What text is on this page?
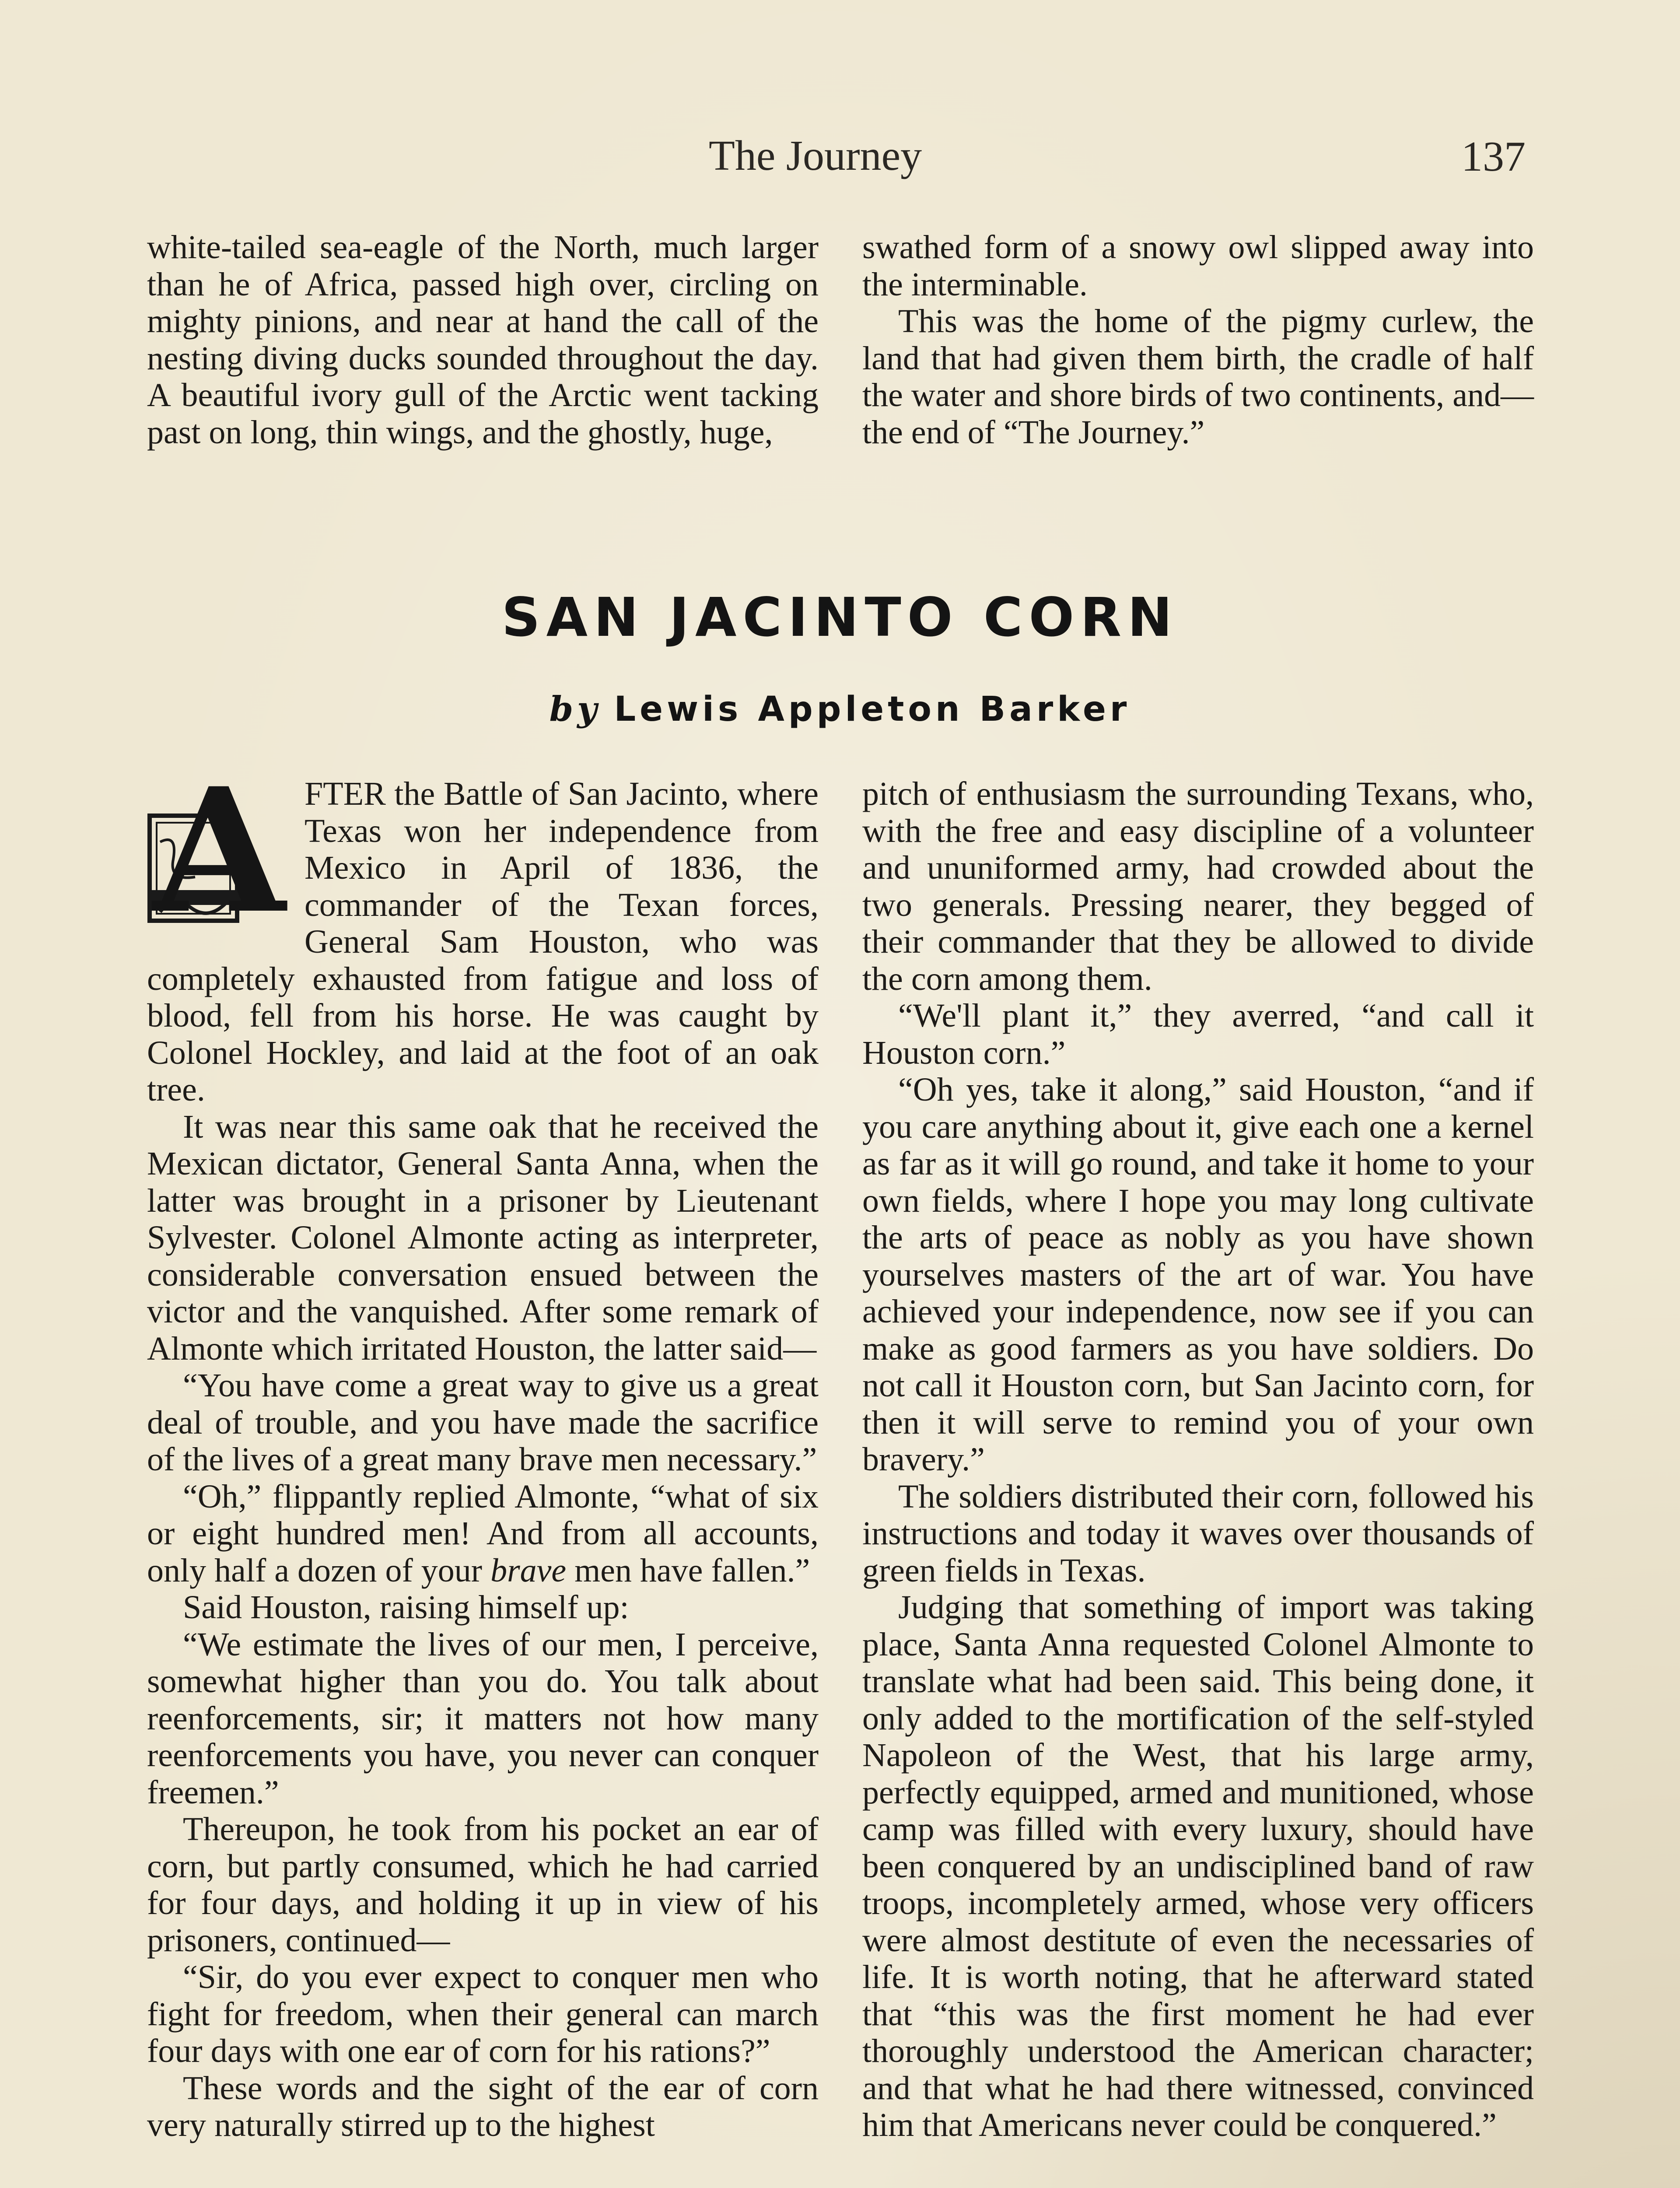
The Journey	137

white-tailed sea-eagle of the North, much larger than he of Africa, passed high over, circling on mighty pinions, and near at hand the call of the nesting diving ducks sounded throughout the day. A beautiful ivory gull of the Arctic went tacking past on long, thin wings, and the ghostly, huge,

swathed form of a snowy owl slipped away into the interminable.

This was the home of the pigmy curlew, the land that had given them birth, the cradle of half the water and shore birds of two continents, and—the end of “The Journey.”

SAN JACINTO CORN
by Lewis Appleton Barker
A FTER the Battle of San Jacinto, where Texas won her independence from Mexico in April of 1836, the commander of the Texan forces, General Sam Houston, who was completely exhausted from fatigue and loss of blood, fell from his horse. He was caught by Colonel Hockley, and laid at the foot of an oak tree.

It was near this same oak that he received the Mexican dictator, General Santa Anna, when the latter was brought in a prisoner by Lieutenant Sylvester. Colonel Almonte acting as interpreter, considerable conversation ensued between the victor and the vanquished. After some remark of Almonte which irritated Houston, the latter said—

“You have come a great way to give us a great deal of trouble, and you have made the sacrifice of the lives of a great many brave men necessary.”

“Oh,” flippantly replied Almonte, “what of six or eight hundred men! And from all accounts, only half a dozen of your brave men have fallen.”

Said Houston, raising himself up:

“We estimate the lives of our men, I perceive, somewhat higher than you do. You talk about reenforcements, sir; it matters not how many reenforcements you have, you never can conquer freemen.”

Thereupon, he took from his pocket an ear of corn, but partly consumed, which he had carried for four days, and holding it up in view of his prisoners, continued—

“Sir, do you ever expect to conquer men who fight for freedom, when their general can march four days with one ear of corn for his rations?”

These words and the sight of the ear of corn very naturally stirred up to the highest

pitch of enthusiasm the surrounding Texans, who, with the free and easy discipline of a volunteer and ununiformed army, had crowded about the two generals. Pressing nearer, they begged of their commander that they be allowed to divide the corn among them.

“We'll plant it,” they averred, “and call it Houston corn.”

“Oh yes, take it along,” said Houston, “and if you care anything about it, give each one a kernel as far as it will go round, and take it home to your own fields, where I hope you may long cultivate the arts of peace as nobly as you have shown yourselves masters of the art of war. You have achieved your independence, now see if you can make as good farmers as you have soldiers. Do not call it Houston corn, but San Jacinto corn, for then it will serve to remind you of your own bravery.”

The soldiers distributed their corn, followed his instructions and today it waves over thousands of green fields in Texas.

Judging that something of import was taking place, Santa Anna requested Colonel Almonte to translate what had been said. This being done, it only added to the mortification of the self-styled Napoleon of the West, that his large army, perfectly equipped, armed and munitioned, whose camp was filled with every luxury, should have been conquered by an undisciplined band of raw troops, incompletely armed, whose very officers were almost destitute of even the necessaries of life. It is worth noting, that he afterward stated that “this was the first moment he had ever thoroughly understood the American character; and that what he had there witnessed, convinced him that Americans never could be conquered.”
